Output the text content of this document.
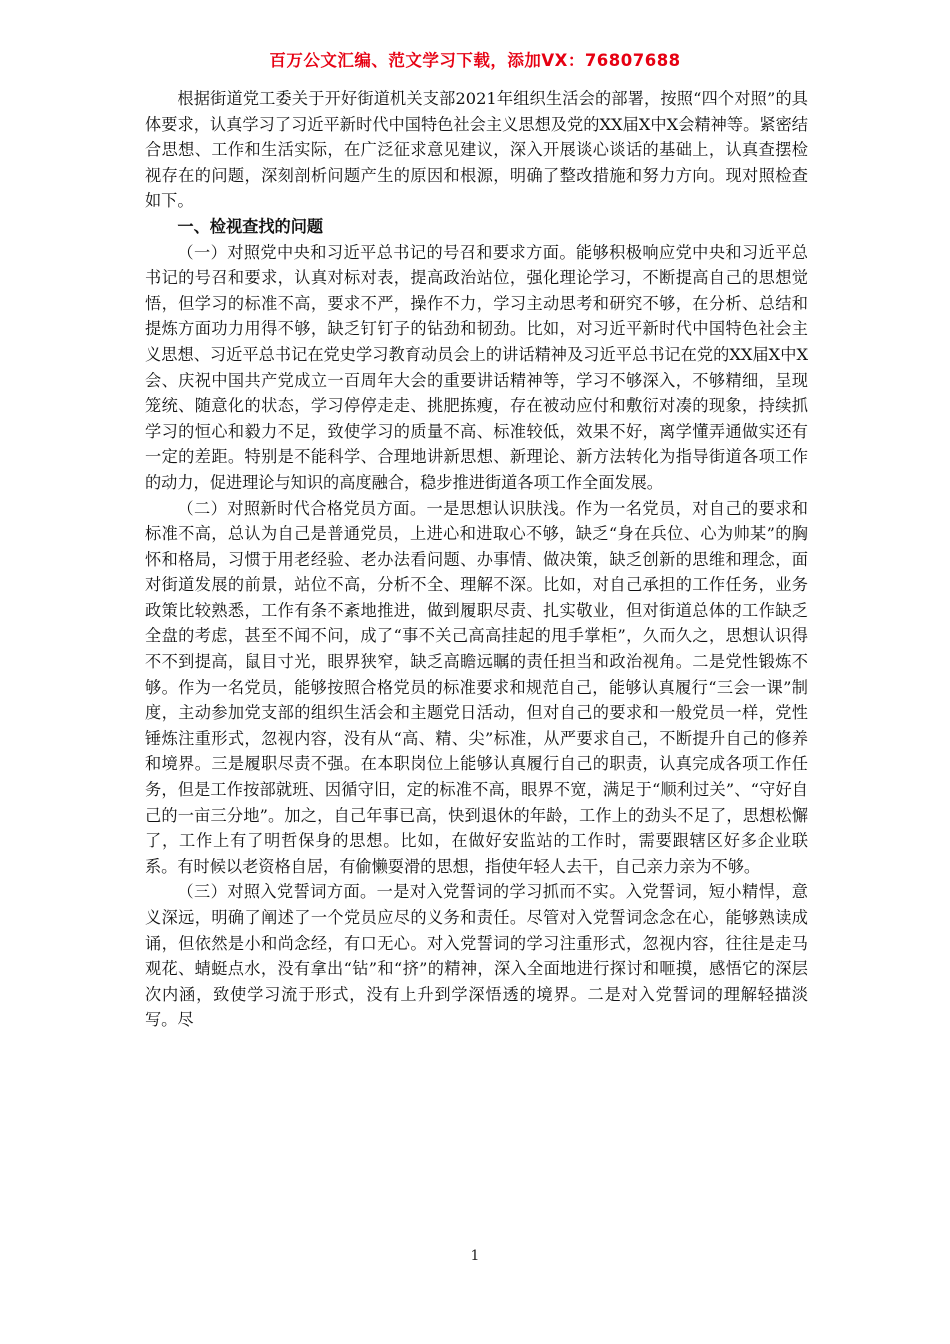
百万公文汇编、范文学习下载，添加VX：76807688

根据街道党工委关于开好街道机关支部2021年组织生活会的部署，按照“四个对照”的具体要求，认真学习了习近平新时代中国特色社会主义思想及党的XX届X中X会精神等。紧密结合思想、工作和生活实际，在广泛征求意见建议，深入开展谈心谈话的基础上，认真查摆检视存在的问题，深刻剖析问题产生的原因和根源，明确了整改措施和努力方向。现对照检查如下。

一、检视查找的问题

（一）对照党中央和习近平总书记的号召和要求方面。能够积极响应党中央和习近平总书记的号召和要求，认真对标对表，提高政治站位，强化理论学习，不断提高自己的思想觉悟，但学习的标准不高，要求不严，操作不力，学习主动思考和研究不够，在分析、总结和提炼方面功力用得不够，缺乏钉钉子的钻劲和韧劲。比如，对习近平新时代中国特色社会主义思想、习近平总书记在党史学习教育动员会上的讲话精神及习近平总书记在党的XX届X中X会、庆祝中国共产党成立一百周年大会的重要讲话精神等，学习不够深入，不够精细，呈现笼统、随意化的状态，学习停停走走、挑肥拣瘦，存在被动应付和敷衍对凑的现象，持续抓学习的恒心和毅力不足，致使学习的质量不高、标准较低，效果不好，离学懂弄通做实还有一定的差距。特别是不能科学、合理地讲新思想、新理论、新方法转化为指导街道各项工作的动力，促进理论与知识的高度融合，稳步推进街道各项工作全面发展。

（二）对照新时代合格党员方面。一是思想认识肤浅。作为一名党员，对自己的要求和标准不高，总认为自己是普通党员，上进心和进取心不够，缺乏“身在兵位、心为帅某”的胸怀和格局，习惯于用老经验、老办法看问题、办事情、做决策，缺乏创新的思维和理念，面对街道发展的前景，站位不高，分析不全、理解不深。比如，对自己承担的工作任务，业务政策比较熟悉，工作有条不紊地推进，做到履职尽责、扎实敬业，但对街道总体的工作缺乏全盘的考虑，甚至不闻不问，成了“事不关己高高挂起的甩手掌柜”，久而久之，思想认识得不不到提高，鼠目寸光，眼界狭窄，缺乏高瞻远瞩的责任担当和政治视角。二是党性锻炼不够。作为一名党员，能够按照合格党员的标准要求和规范自己，能够认真履行“三会一课”制度，主动参加党支部的组织生活会和主题党日活动，但对自己的要求和一般党员一样，党性锤炼注重形式，忽视内容，没有从“高、精、尖”标准，从严要求自己，不断提升自己的修养和境界。三是履职尽责不强。在本职岗位上能够认真履行自己的职责，认真完成各项工作任务，但是工作按部就班、因循守旧，定的标准不高，眼界不宽，满足于“顺利过关”、“守好自己的一亩三分地”。加之，自己年事已高，快到退休的年龄，工作上的劲头不足了，思想松懈了，工作上有了明哲保身的思想。比如，在做好安监站的工作时，需要跟辖区好多企业联系。有时候以老资格自居，有偷懒耍滑的思想，指使年轻人去干，自己亲力亲为不够。

（三）对照入党誓词方面。一是对入党誓词的学习抓而不实。入党誓词，短小精悍，意义深远，明确了阐述了一个党员应尽的义务和责任。尽管对入党誓词念念在心，能够熟读成诵，但依然是小和尚念经，有口无心。对入党誓词的学习注重形式，忽视内容，往往是走马观花、蜻蜓点水，没有拿出“钻”和“挤”的精神，深入全面地进行探讨和咂摸，感悟它的深层次内涵，致使学习流于形式，没有上升到学深悟透的境界。二是对入党誓词的理解轻描淡写。尽

1
